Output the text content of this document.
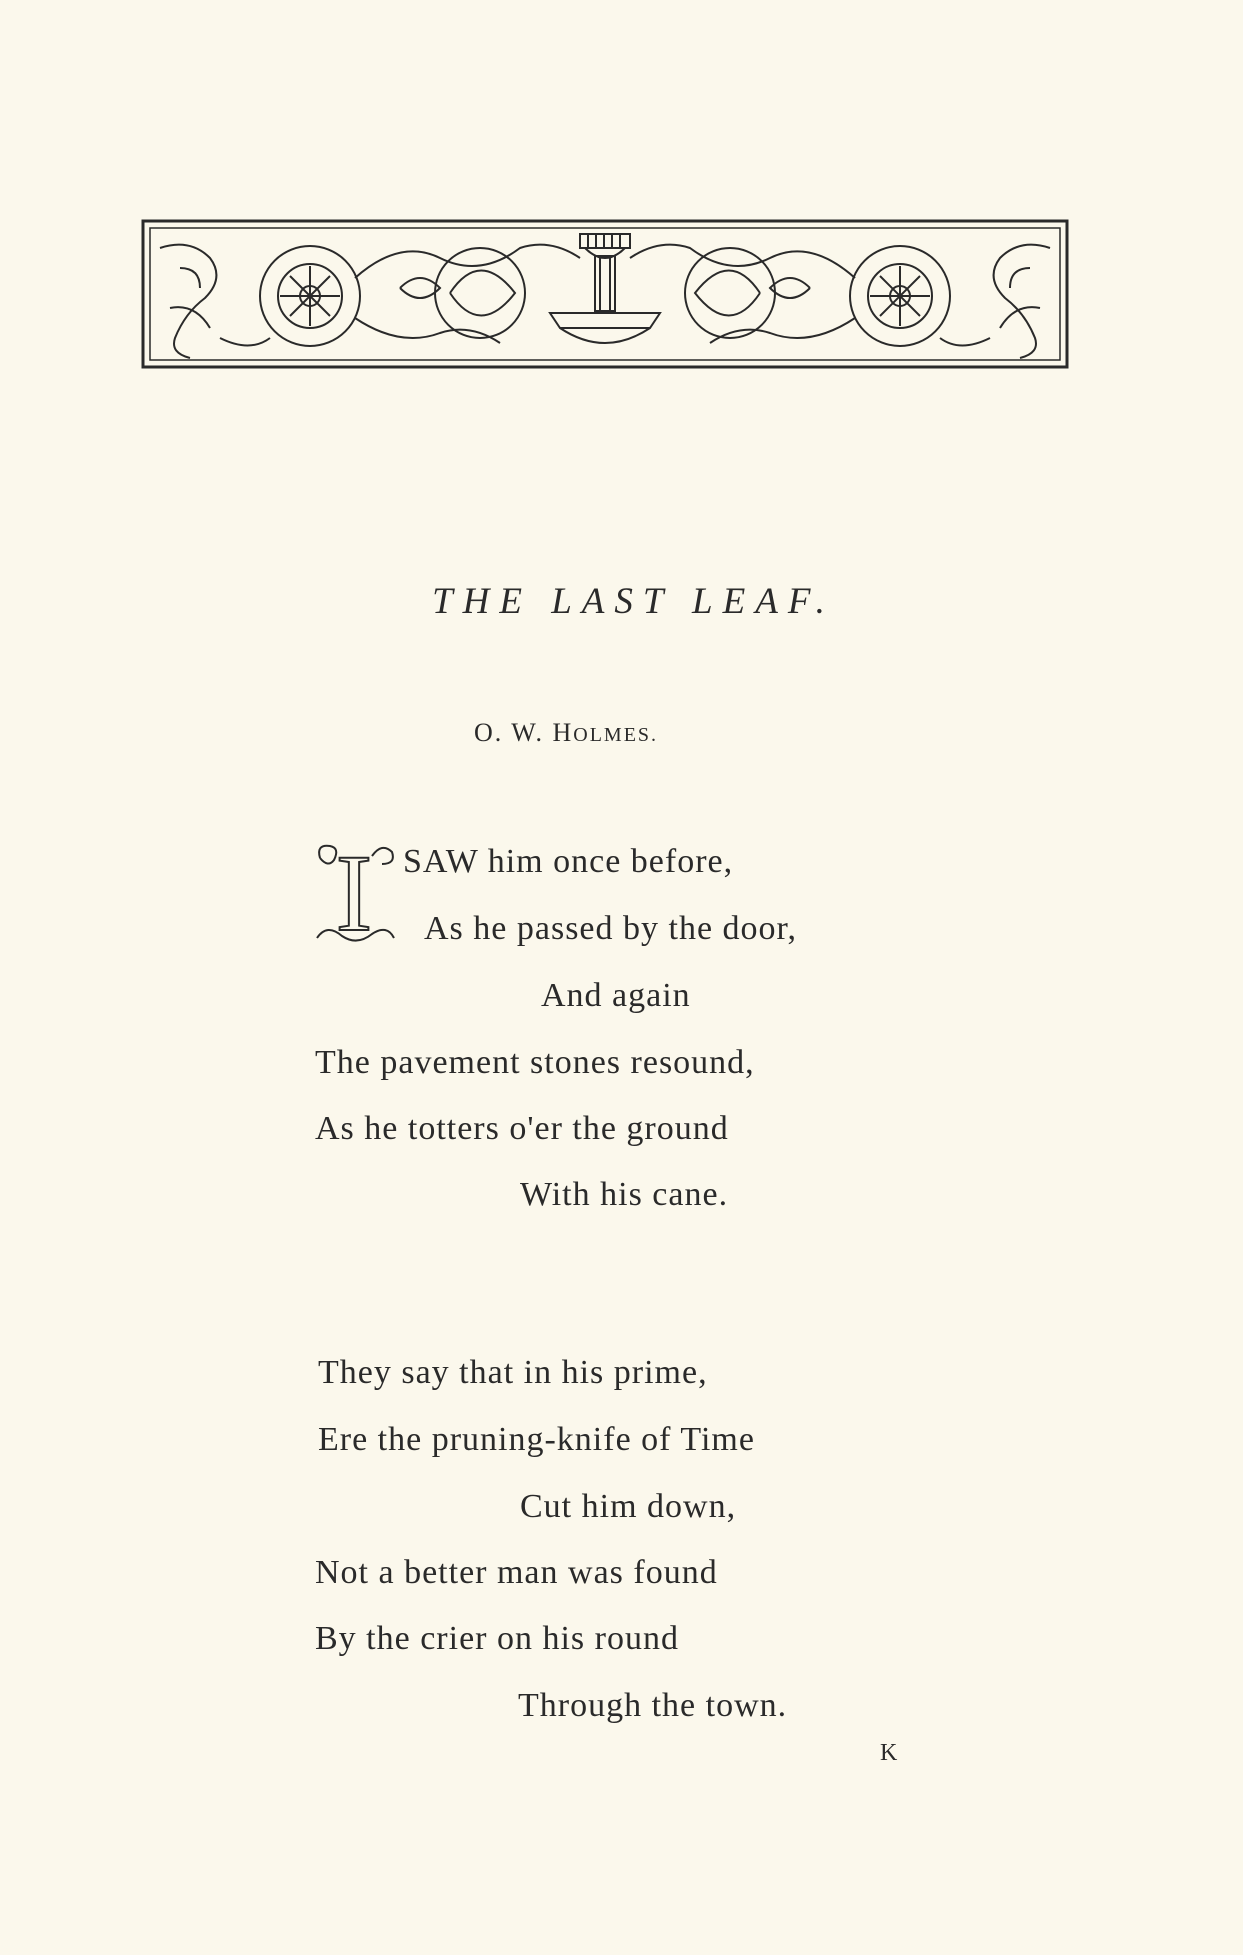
THE LAST LEAF.
O. W. HOLMES.
I SAW him once before,
As he passed by the door,
And again
The pavement stones resound,
As he totters o'er the ground
With his cane.
They say that in his prime,
Ere the pruning-knife of Time
Cut him down,
Not a better man was found
By the crier on his round
Through the town.
K
